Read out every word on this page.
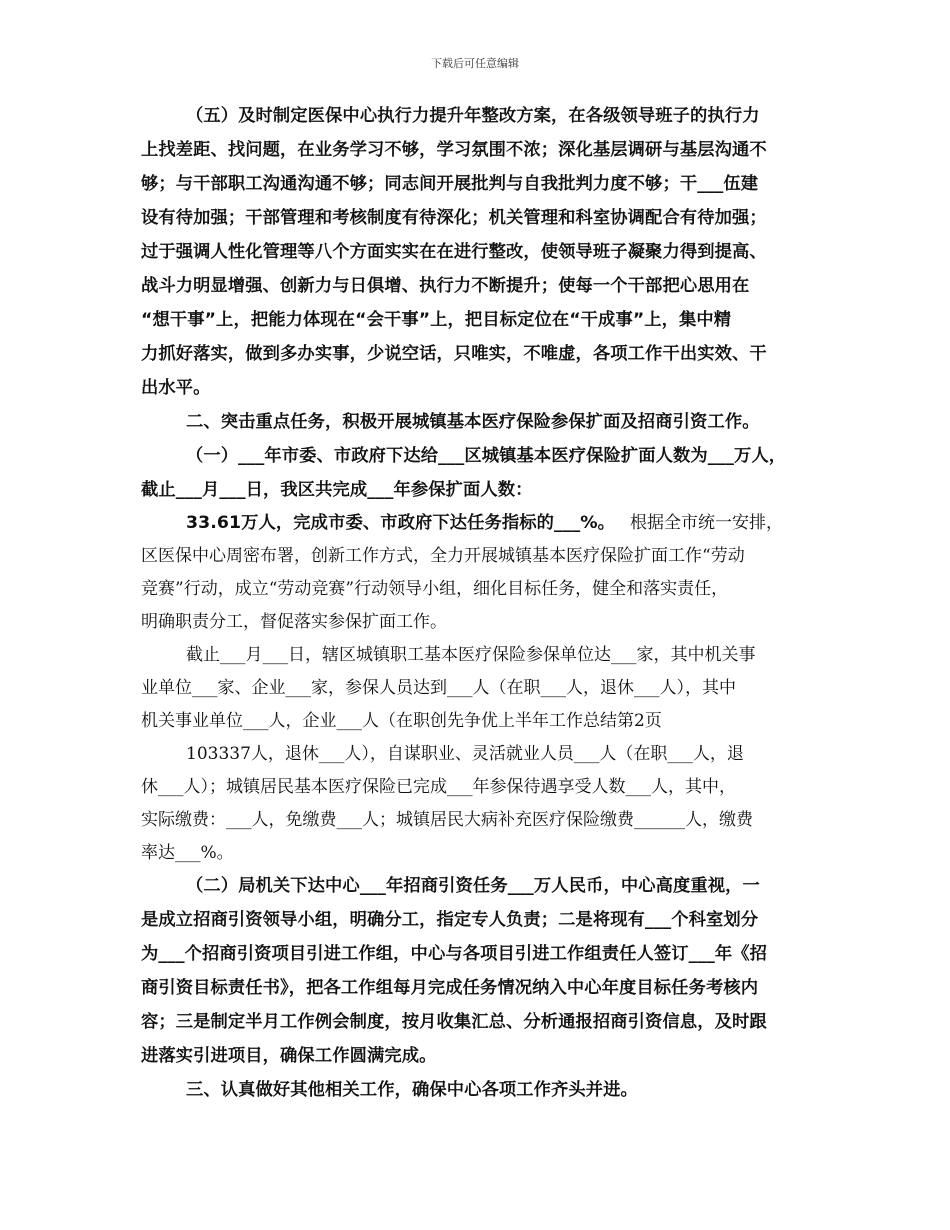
下载后可任意编辑
（五）及时制定医保中心执行力提升年整改方案，在各级领导班子的执行力
上找差距、找问题，在业务学习不够，学习氛围不浓；深化基层调研与基层沟通不
够；与干部职工沟通沟通不够；同志间开展批判与自我批判力度不够；干___伍建
设有待加强；干部管理和考核制度有待深化；机关管理和科室协调配合有待加强；
过于强调人性化管理等八个方面实实在在进行整改，使领导班子凝聚力得到提高、
战斗力明显增强、创新力与日俱增、执行力不断提升；使每一个干部把心思用在
“想干事”上，把能力体现在“会干事”上，把目标定位在“干成事”上，集中精
力抓好落实，做到多办实事，少说空话，只唯实，不唯虚，各项工作干出实效、干
出水平。
二、突击重点任务，积极开展城镇基本医疗保险参保扩面及招商引资工作。
（一）___年市委、市政府下达给___区城镇基本医疗保险扩面人数为___万人，
截止___月___日，我区共完成___年参保扩面人数：
33.61万人，完成市委、市政府下达任务指标的___%。 根据全市统一安排，
区医保中心周密布署，创新工作方式，全力开展城镇基本医疗保险扩面工作“劳动
竞赛”行动，成立“劳动竞赛”行动领导小组，细化目标任务，健全和落实责任，
明确职责分工，督促落实参保扩面工作。
截止___月___日，辖区城镇职工基本医疗保险参保单位达___家，其中机关事
业单位___家、企业___家，参保人员达到___人（在职___人，退休___人），其中
机关事业单位___人，企业___人（在职创先争优上半年工作总结第2页
103337人，退休___人），自谋职业、灵活就业人员___人（在职___人，退
休___人）；城镇居民基本医疗保险已完成___年参保待遇享受人数___人，其中，
实际缴费：___人，免缴费___人；城镇居民大病补充医疗保险缴费______人，缴费
率达___%。
（二）局机关下达中心___年招商引资任务___万人民币，中心高度重视，一
是成立招商引资领导小组，明确分工，指定专人负责；二是将现有___个科室划分
为___个招商引资项目引进工作组，中心与各项目引进工作组责任人签订___年《招
商引资目标责任书》，把各工作组每月完成任务情况纳入中心年度目标任务考核内
容；三是制定半月工作例会制度，按月收集汇总、分析通报招商引资信息，及时跟
进落实引进项目，确保工作圆满完成。
三、认真做好其他相关工作，确保中心各项工作齐头并进。
